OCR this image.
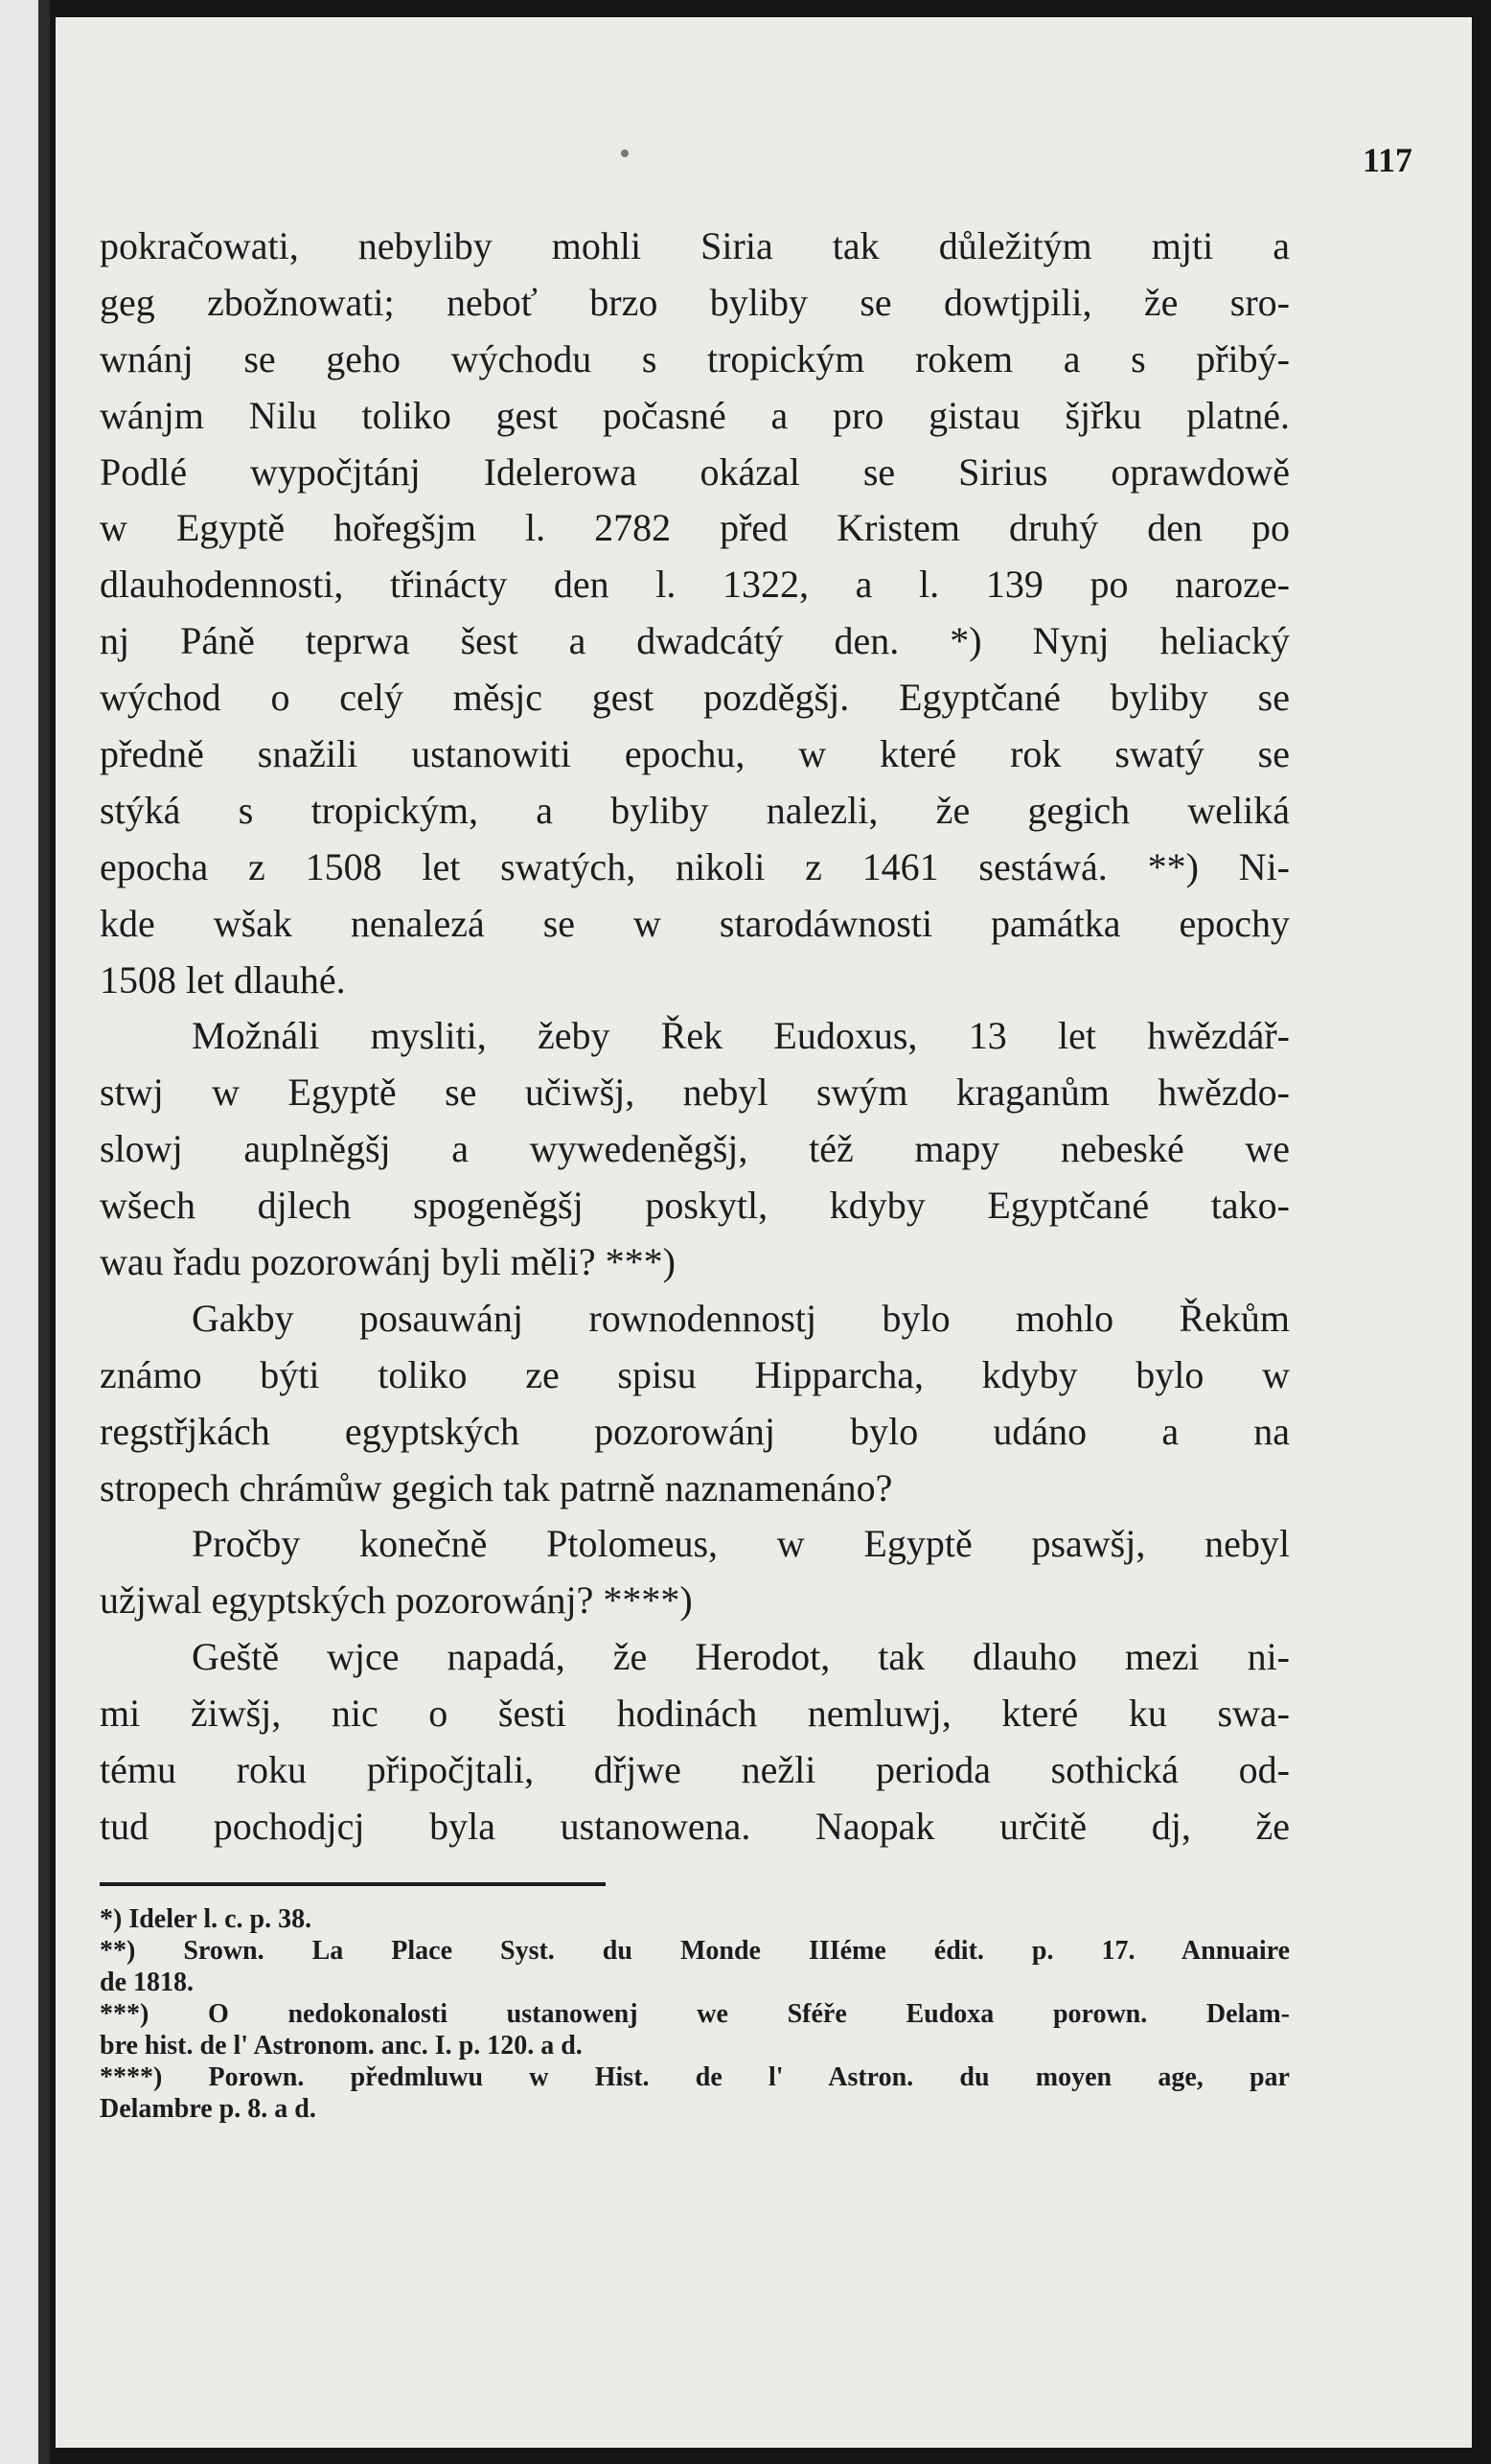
117
pokračowati, nebyliby mohli Siria tak důležitým mjti a
geg zbožnowati; neboť brzo byliby se dowtjpili, že sro-
wnánj se geho wýchodu s tropickým rokem a s přibý-
wánjm Nilu toliko gest počasné a pro gistau šjřku platné.
Podlé wypočjtánj Idelerowa okázal se Sirius oprawdowě
w Egyptě hořegšjm l. 2782 před Kristem druhý den po
dlauhodennosti, třinácty den l. 1322, a l. 139 po naroze-
nj Páně teprwa šest a dwadcátý den. *) Nynj heliacký
wýchod o celý měsjc gest pozděgšj. Egyptčané byliby se
předně snažili ustanowiti epochu, w které rok swatý se
stýká s tropickým, a byliby nalezli, že gegich weliká
epocha z 1508 let swatých, nikoli z 1461 sestáwá. **) Ni-
kde wšak nenalezá se w starodáwnosti památka epochy
1508 let dlauhé.
Možnáli mysliti, žeby Řek Eudoxus, 13 let hwězdář-
stwj w Egyptě se učiwšj, nebyl swým kraganům hwězdo-
slowj auplněgšj a wywedeněgšj, též mapy nebeské we
wšech djlech spogeněgšj poskytl, kdyby Egyptčané tako-
wau řadu pozorowánj byli měli? ***)
Gakby posauwánj rownodennostj bylo mohlo Řekům
známo býti toliko ze spisu Hipparcha, kdyby bylo w
regstřjkách egyptských pozorowánj bylo udáno a na
stropech chrámůw gegich tak patrně naznamenáno?
Pročby konečně Ptolomeus, w Egyptě psawšj, nebyl
užjwal egyptských pozorowánj? ****)
Geště wjce napadá, že Herodot, tak dlauho mezi ni-
mi žiwšj, nic o šesti hodinách nemluwj, které ku swa-
tému roku připočjtali, dřjwe nežli perioda sothická od-
tud pochodjcj byla ustanowena. Naopak určitě dj, že
*) Ideler l. c. p. 38.
**) Srown. La Place Syst. du Monde IIIéme édit. p. 17. Annuaire
de 1818.
***) O nedokonalosti ustanowenj we Sféře Eudoxa porown. Delam-
bre hist. de l' Astronom. anc. I. p. 120. a d.
****) Porown. předmluwu w Hist. de l' Astron. du moyen age, par
Delambre p. 8. a d.
